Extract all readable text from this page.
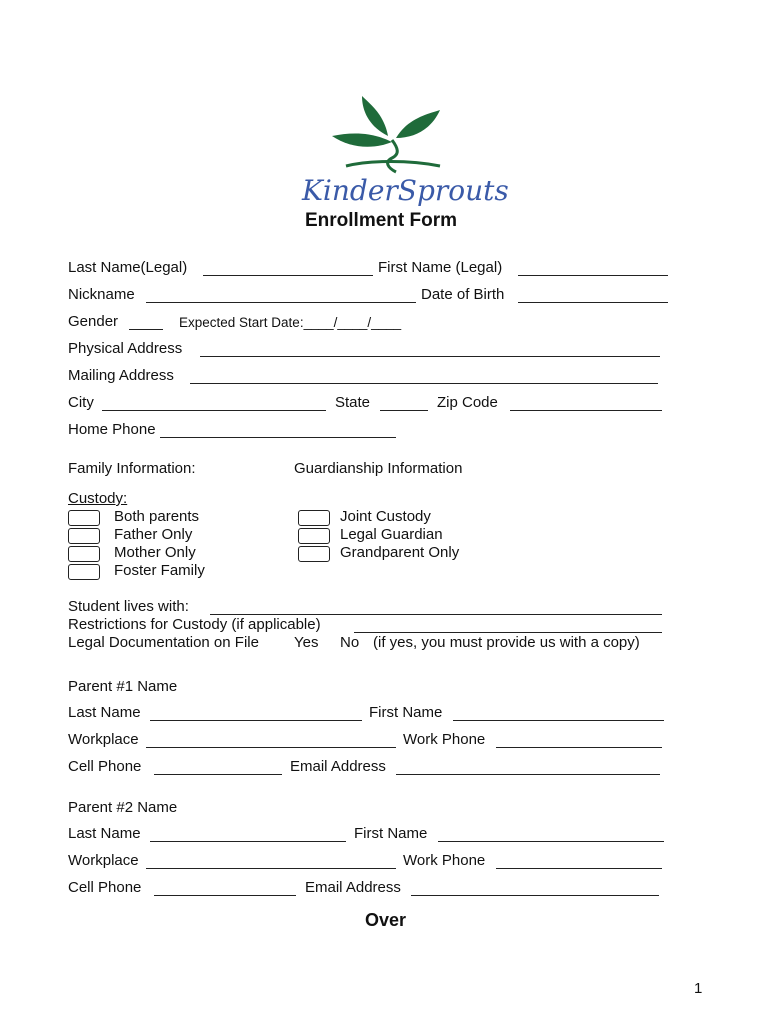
KinderSprouts
Enrollment Form
Last Name(Legal)	First Name (Legal)
Nickname	Date of Birth
Gender	Expected Start Date:____/____/____
Physical Address
Mailing Address
City	State	Zip Code
Home Phone
Family Information:	Guardianship Information
Custody:
Both parents
Father Only
Mother Only
Foster Family
Joint Custody
Legal Guardian
Grandparent Only
Student lives with:
Restrictions for Custody (if applicable)
Legal Documentation on File Yes No (if yes, you must provide us with a copy)
Parent #1 Name
Last Name	First Name
Workplace	Work Phone
Cell Phone	Email Address
Parent #2 Name
Last Name	First Name
Workplace	Work Phone
Cell Phone	Email Address
Over
1
